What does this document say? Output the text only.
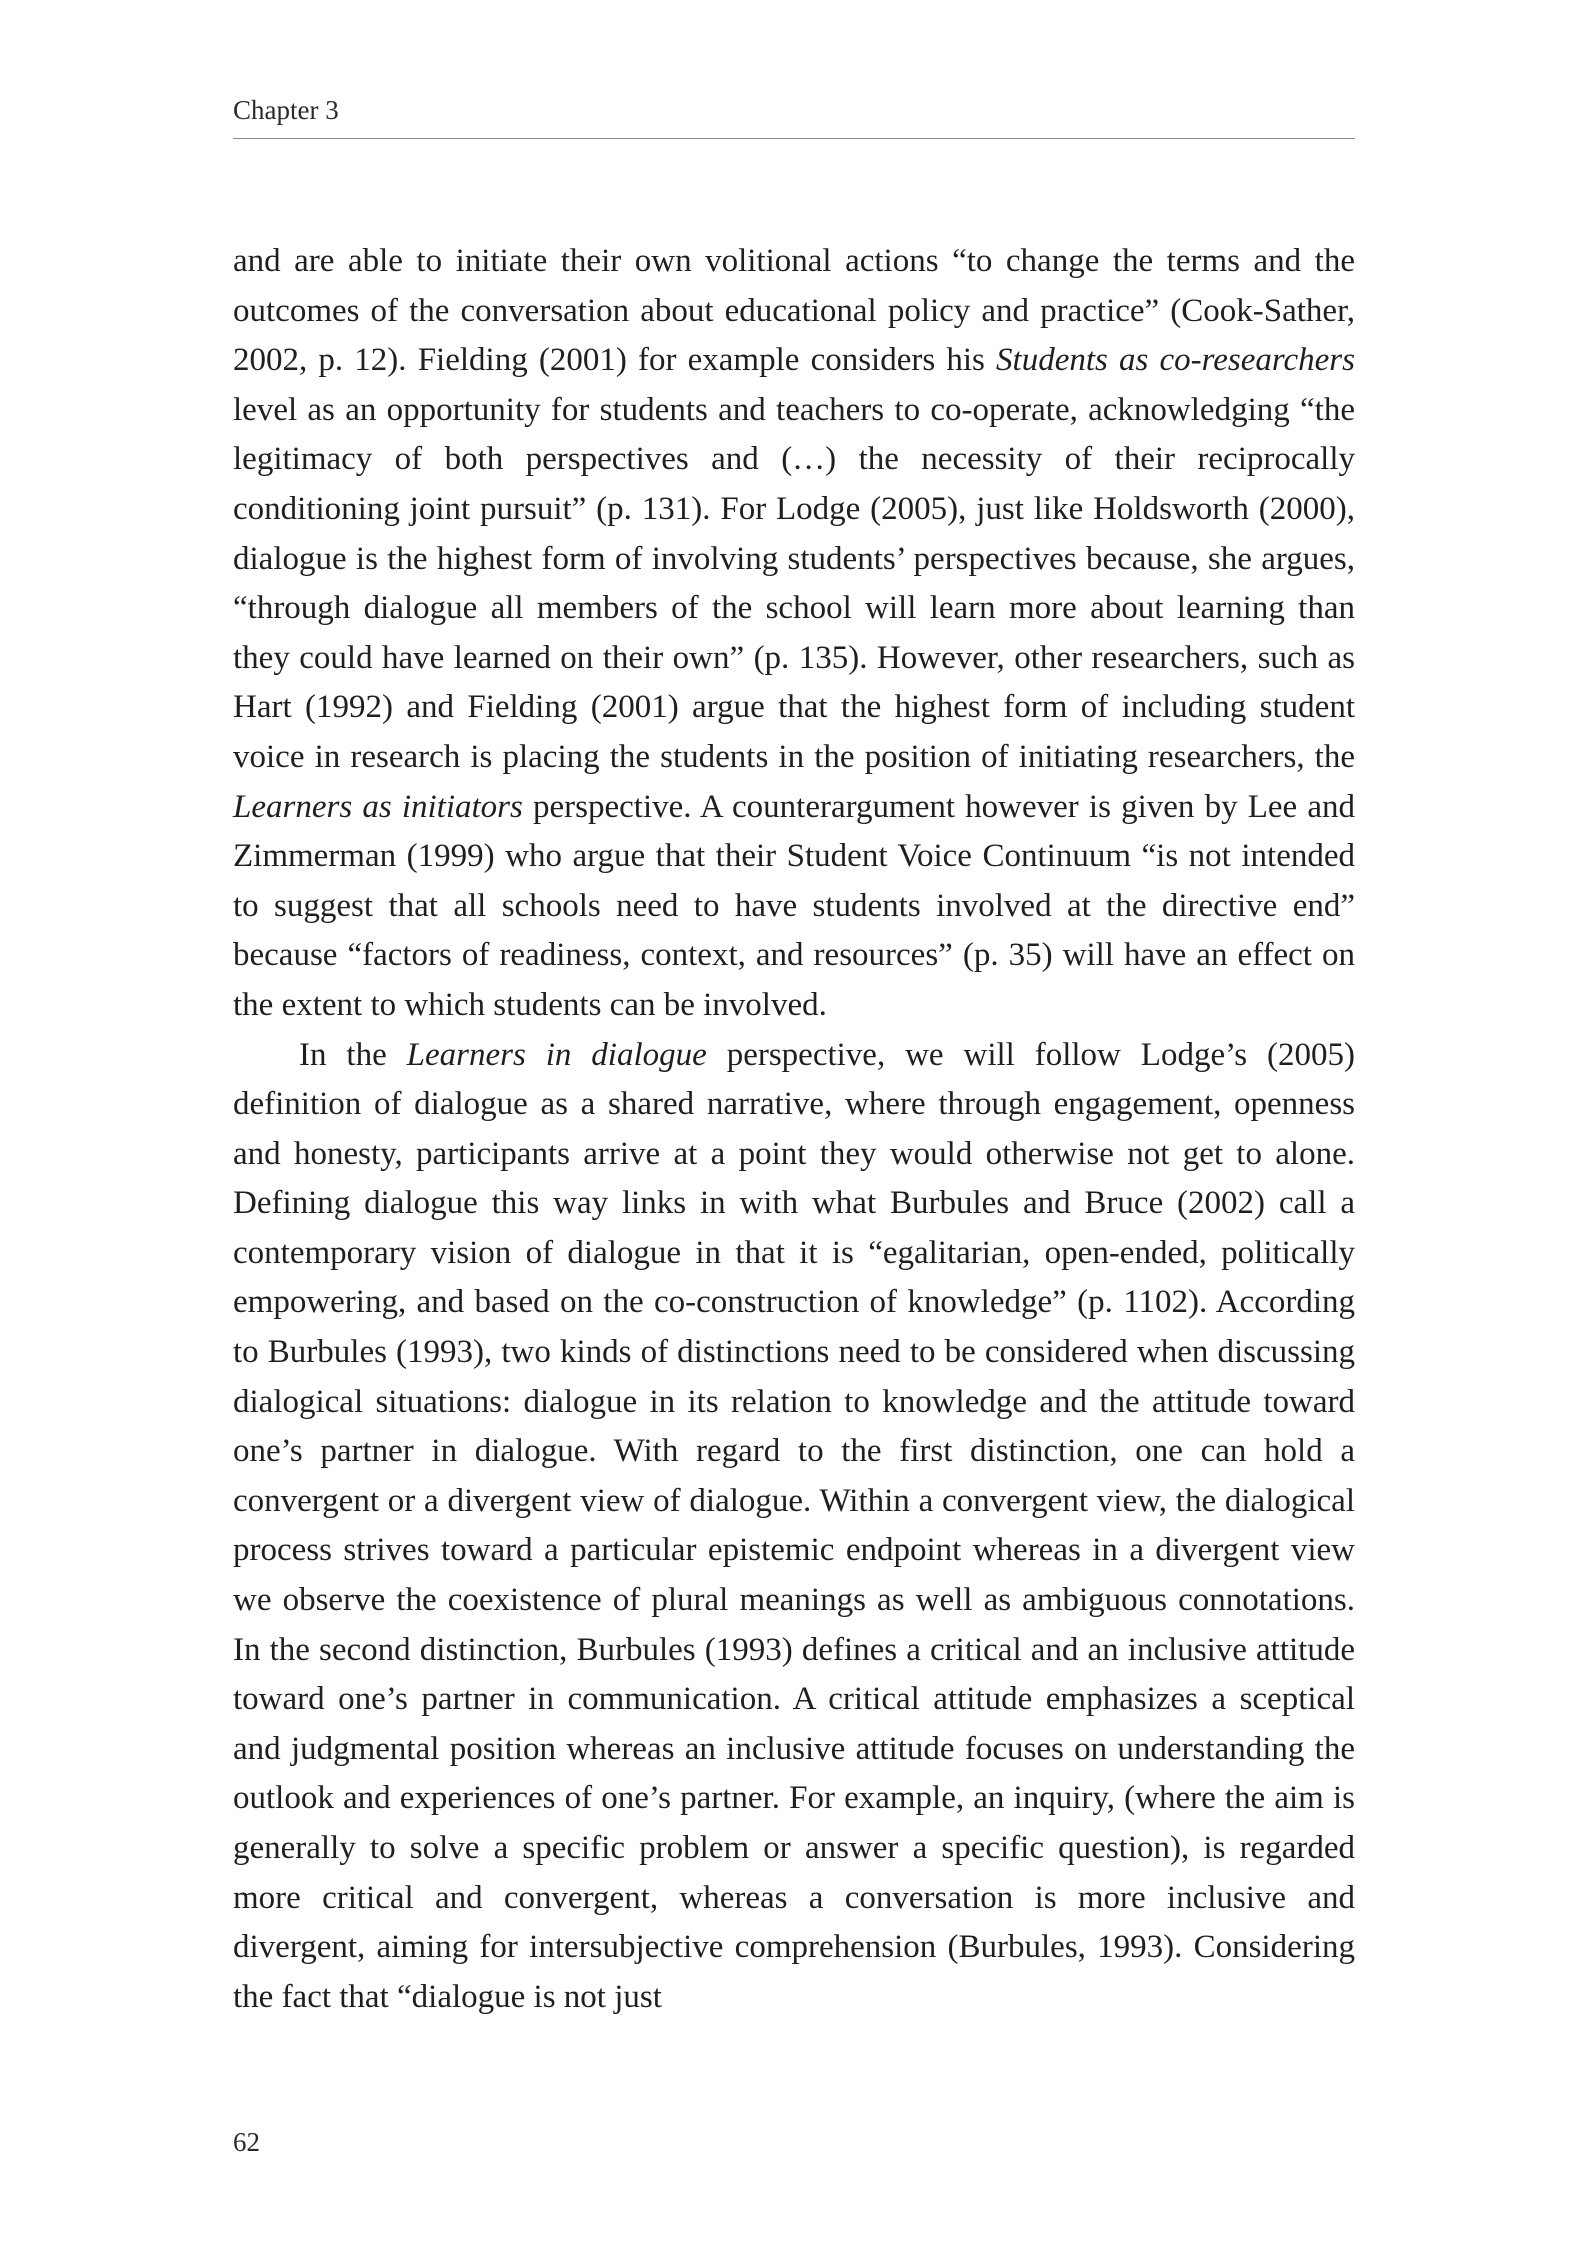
Chapter 3

and are able to initiate their own volitional actions “to change the terms and the outcomes of the conversation about educational policy and practice” (Cook-Sather, 2002, p. 12). Fielding (2001) for example considers his Students as co-researchers level as an opportunity for students and teachers to co-operate, acknowledging “the legitimacy of both perspectives and (…) the necessity of their reciprocally conditioning joint pursuit” (p. 131). For Lodge (2005), just like Holdsworth (2000), dialogue is the highest form of involving students’ perspectives because, she argues, “through dialogue all members of the school will learn more about learning than they could have learned on their own” (p. 135). However, other researchers, such as Hart (1992) and Fielding (2001) argue that the highest form of including student voice in research is placing the students in the position of initiating researchers, the Learners as initiators perspective. A counterargument however is given by Lee and Zimmerman (1999) who argue that their Student Voice Continuum “is not intended to suggest that all schools need to have students involved at the directive end” because “factors of readiness, context, and resources” (p. 35) will have an effect on the extent to which students can be involved.

In the Learners in dialogue perspective, we will follow Lodge’s (2005) definition of dialogue as a shared narrative, where through engagement, openness and honesty, participants arrive at a point they would otherwise not get to alone. Defining dialogue this way links in with what Burbules and Bruce (2002) call a contemporary vision of dialogue in that it is “egalitarian, open-ended, politically empowering, and based on the co-construction of knowledge” (p. 1102). According to Burbules (1993), two kinds of distinctions need to be considered when discussing dialogical situations: dialogue in its relation to knowledge and the attitude toward one’s partner in dialogue. With regard to the first distinction, one can hold a convergent or a divergent view of dialogue. Within a convergent view, the dialogical process strives toward a particular epistemic endpoint whereas in a divergent view we observe the coexistence of plural meanings as well as ambiguous connotations. In the second distinction, Burbules (1993) defines a critical and an inclusive attitude toward one’s partner in communication. A critical attitude emphasizes a sceptical and judgmental position whereas an inclusive attitude focuses on understanding the outlook and experiences of one’s partner. For example, an inquiry, (where the aim is generally to solve a specific problem or answer a specific question), is regarded more critical and convergent, whereas a conversation is more inclusive and divergent, aiming for intersubjective comprehension (Burbules, 1993). Considering the fact that “dialogue is not just

62
